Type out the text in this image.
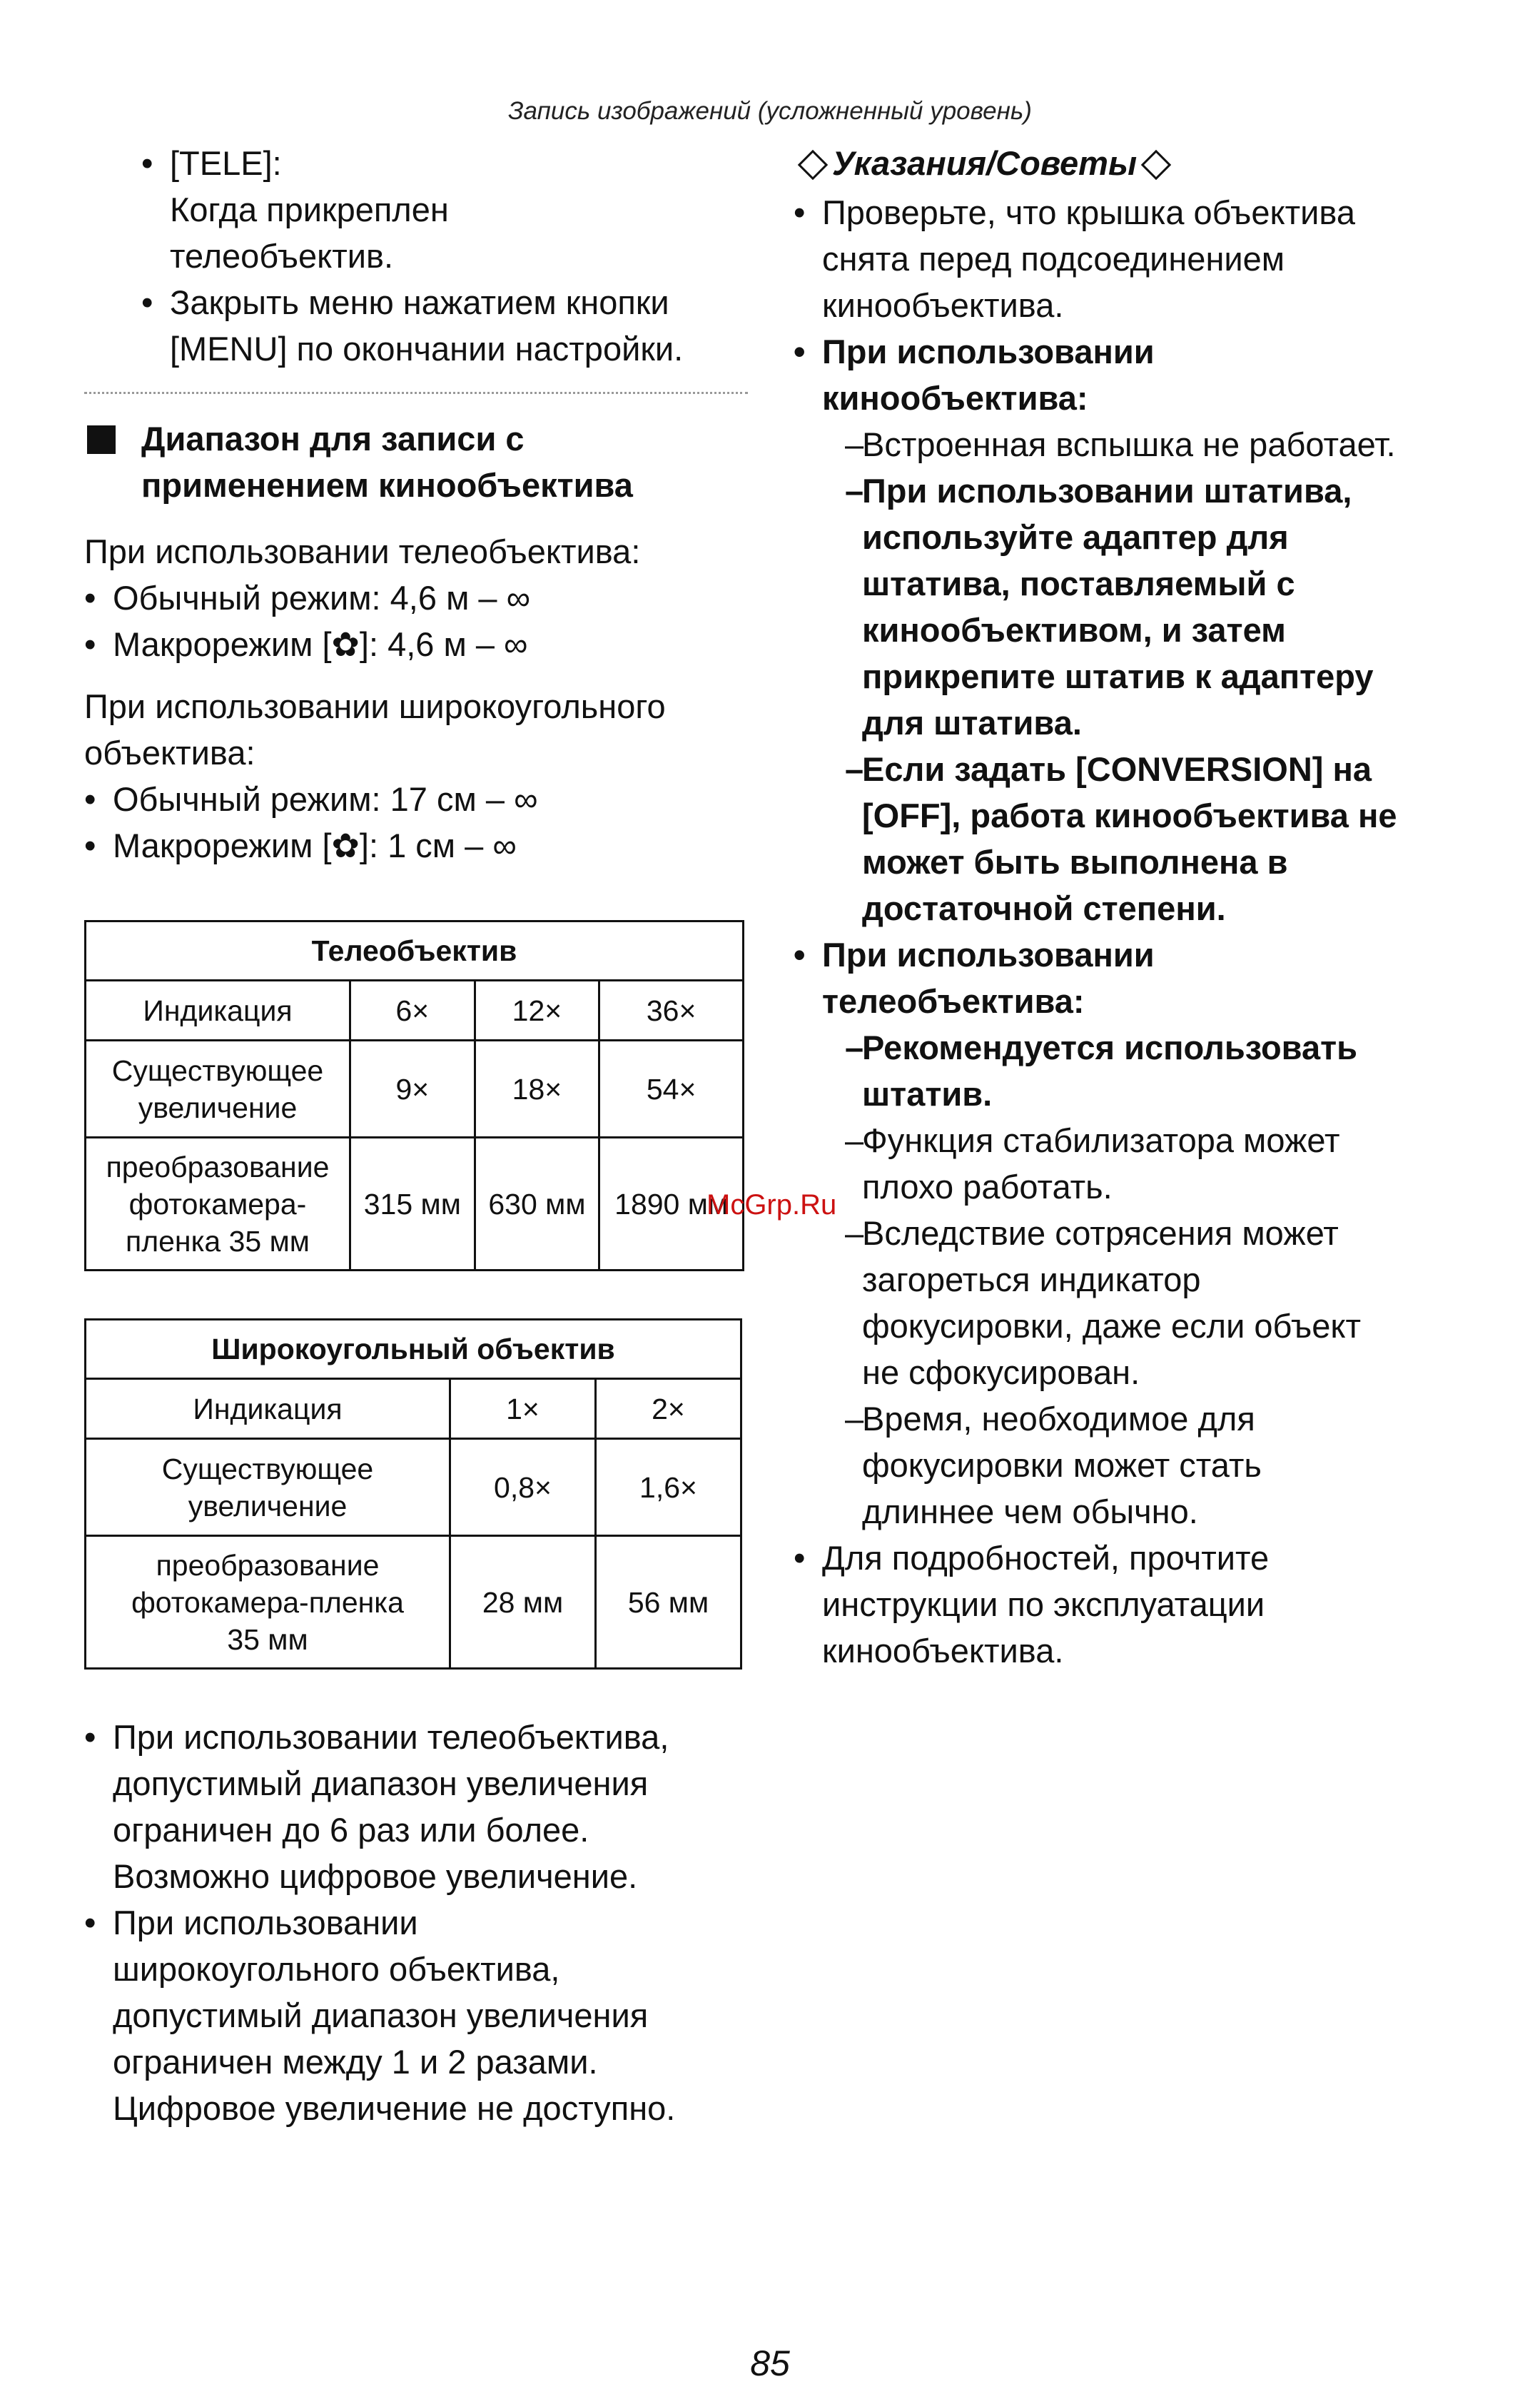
Запись изображений (усложненный уровень)
• [TELE]:
Когда прикреплен
телеобъектив.
• Закрыть меню нажатием кнопки
[MENU] по окончании настройки.
Диапазон для записи с
применением кинообъектива
При использовании телеобъектива:
• Обычный режим: 4,6 м – ∞
• Макрорежим [✿]: 4,6 м – ∞
При использовании широкоугольного
объектива:
• Обычный режим: 17 см – ∞
• Макрорежим [✿]: 1 см – ∞
Телеобъектив			
Индикация	6×	12×	36×

Существующее
увеличение	9×	18×	54×

преобразование
фотокамера-
пленка 35 мм	315 мм	630 мм	1890 мм
Широкоугольный объектив		
Индикация	1×	2×

Существующее
увеличение	0,8×	1,6×

преобразование
фотокамера-пленка
35 мм	28 мм	56 мм
• При использовании телеобъектива,
допустимый диапазон увеличения
ограничен до 6 раз или более.
Возможно цифровое увеличение.
• При использовании
широкоугольного объектива,
допустимый диапазон увеличения
ограничен между 1 и 2 разами.
Цифровое увеличение не доступно.
Указания/Советы
• Проверьте, что крышка объектива
снята перед подсоединением
кинообъектива.
• При использовании
кинообъектива:
– Встроенная вспышка не работает.
– При использовании штатива,
используйте адаптер для
штатива, поставляемый с
кинообъективом, и затем
прикрепите штатив к адаптеру
для штатива.
– Если задать [CONVERSION] на
[OFF], работа кинообъектива не
может быть выполнена в
достаточной степени.
• При использовании
телеобъектива:
– Рекомендуется использовать
штатив.
– Функция стабилизатора может
плохо работать.
– Вследствие сотрясения может
загореться индикатор
фокусировки, даже если объект
не сфокусирован.
– Время, необходимое для
фокусировки может стать
длиннее чем обычно.
• Для подробностей, прочтите
инструкции по эксплуатации
кинообъектива.
McGrp.Ru
85
